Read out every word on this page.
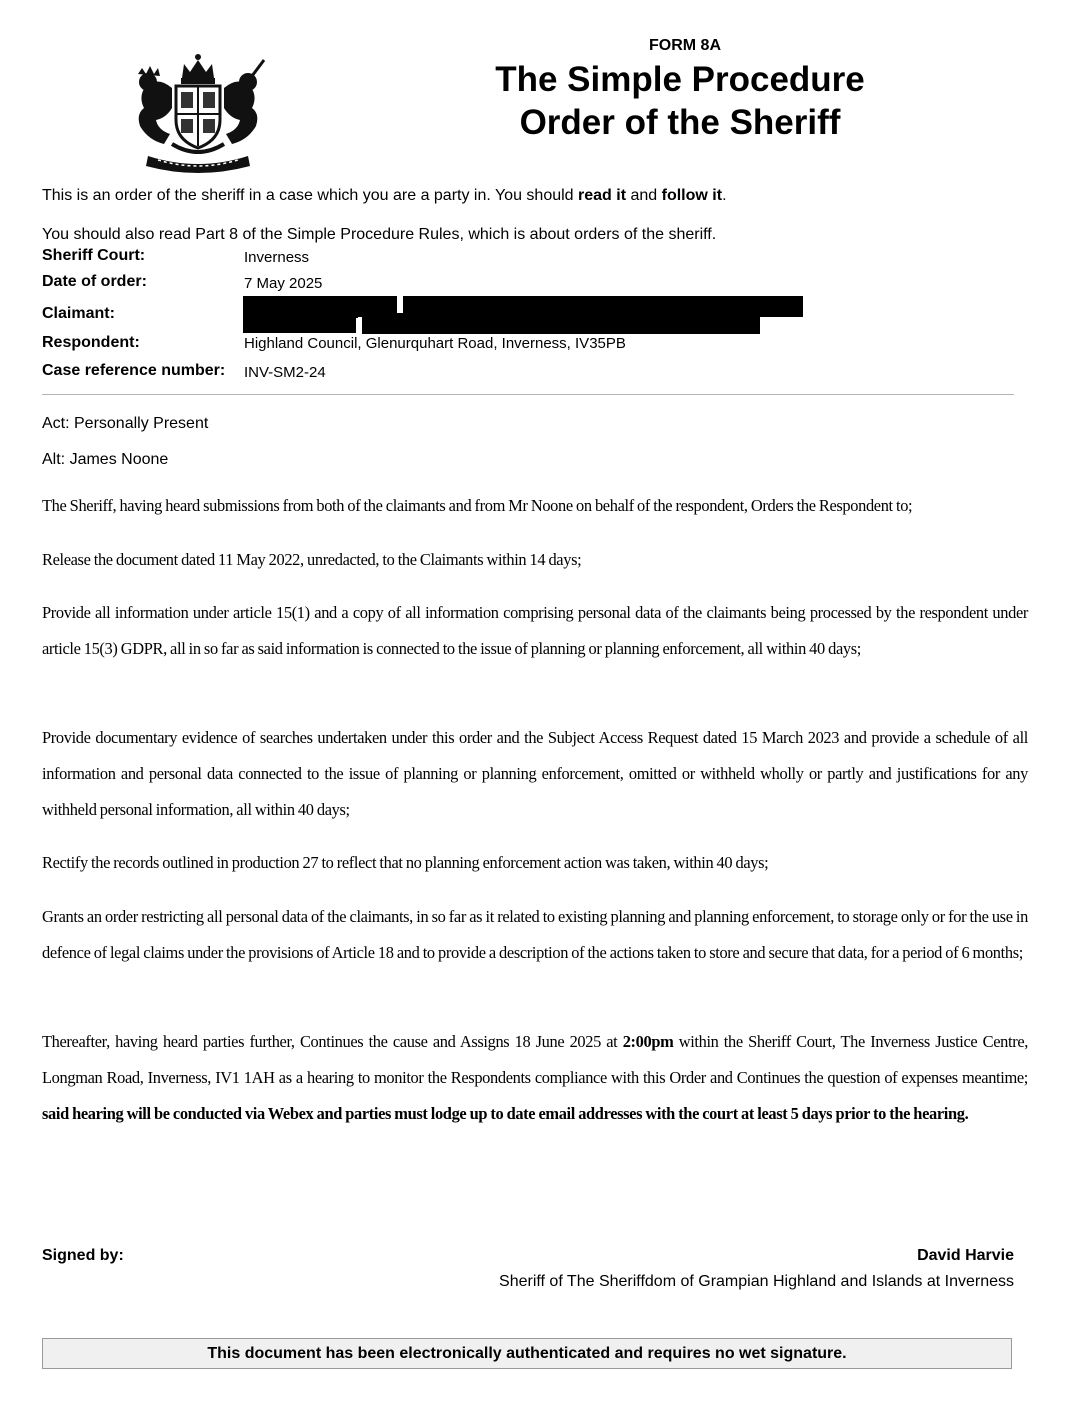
FORM 8A
The Simple Procedure
Order of the Sheriff
This is an order of the sheriff in a case which you are a party in. You should read it and follow it.
You should also read Part 8 of the Simple Procedure Rules, which is about orders of the sheriff.
Sheriff Court:	Inverness
Date of order:	7 May 2025
Claimant:
Respondent:	Highland Council, Glenurquhart Road, Inverness, IV35PB
Case reference number: INV-SM2-24
Act: Personally Present
Alt: James Noone

The Sheriff, having heard submissions from both of the claimants and from Mr Noone on behalf of the respondent, Orders the Respondent to;

Release the document dated 11 May 2022, unredacted, to the Claimants within 14 days;

Provide all information under article 15(1) and a copy of all information comprising personal data of the claimants being processed by the respondent under article 15(3) GDPR, all in so far as said information is connected to the issue of planning or planning enforcement, all within 40 days;

Provide documentary evidence of searches undertaken under this order and the Subject Access Request dated 15 March 2023 and provide a schedule of all information and personal data connected to the issue of planning or planning enforcement, omitted or withheld wholly or partly and justifications for any withheld personal information, all within 40 days;

Rectify the records outlined in production 27 to reflect that no planning enforcement action was taken, within 40 days;

Grants an order restricting all personal data of the claimants, in so far as it related to existing planning and planning enforcement, to storage only or for the use in defence of legal claims under the provisions of Article 18 and to provide a description of the actions taken to store and secure that data, for a period of 6 months;

Thereafter, having heard parties further, Continues the cause and Assigns 18 June 2025 at 2:00pm within the Sheriff Court, The Inverness Justice Centre, Longman Road, Inverness, IV1 1AH as a hearing to monitor the Respondents compliance with this Order and Continues the question of expenses meantime; said hearing will be conducted via Webex and parties must lodge up to date email addresses with the court at least 5 days prior to the hearing.

Signed by:	David Harvie
Sheriff of The Sheriffdom of Grampian Highland and Islands at Inverness
This document has been electronically authenticated and requires no wet signature.
